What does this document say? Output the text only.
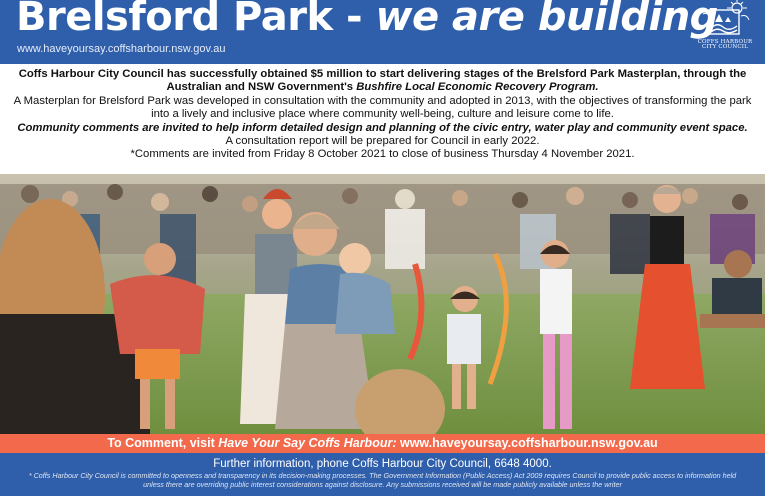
Brelsford Park - we are building
www.haveyoursay.coffsharbour.nsw.gov.au
COFFS HARBOUR
CITY COUNCIL

Coffs Harbour City Council has successfully obtained $5 million to start delivering stages of the Brelsford Park Masterplan, through the Australian and NSW Government's Bushfire Local Economic Recovery Program.

A Masterplan for Brelsford Park was developed in consultation with the community and adopted in 2013, with the objectives of transforming the park into a lively and inclusive place where community well-being, culture and leisure come to life.

Community comments are invited to help inform detailed design and planning of the civic entry, water play and community event space.

A consultation report will be prepared for Council in early 2022.

*Comments are invited from Friday 8 October 2021 to close of business Thursday 4 November 2021.

To Comment, visit Have Your Say Coffs Harbour: www.haveyoursay.coffsharbour.nsw.gov.au
Further information, phone Coffs Harbour City Council, 6648 4000.
* Coffs Harbour City Council is committed to openness and transparency in its decision-making processes. The Government Information (Public Access) Act 2009 requires Council to provide public access to information held unless there are overriding public interest considerations against disclosure. Any submissions received will be made publicly available unless the writer
